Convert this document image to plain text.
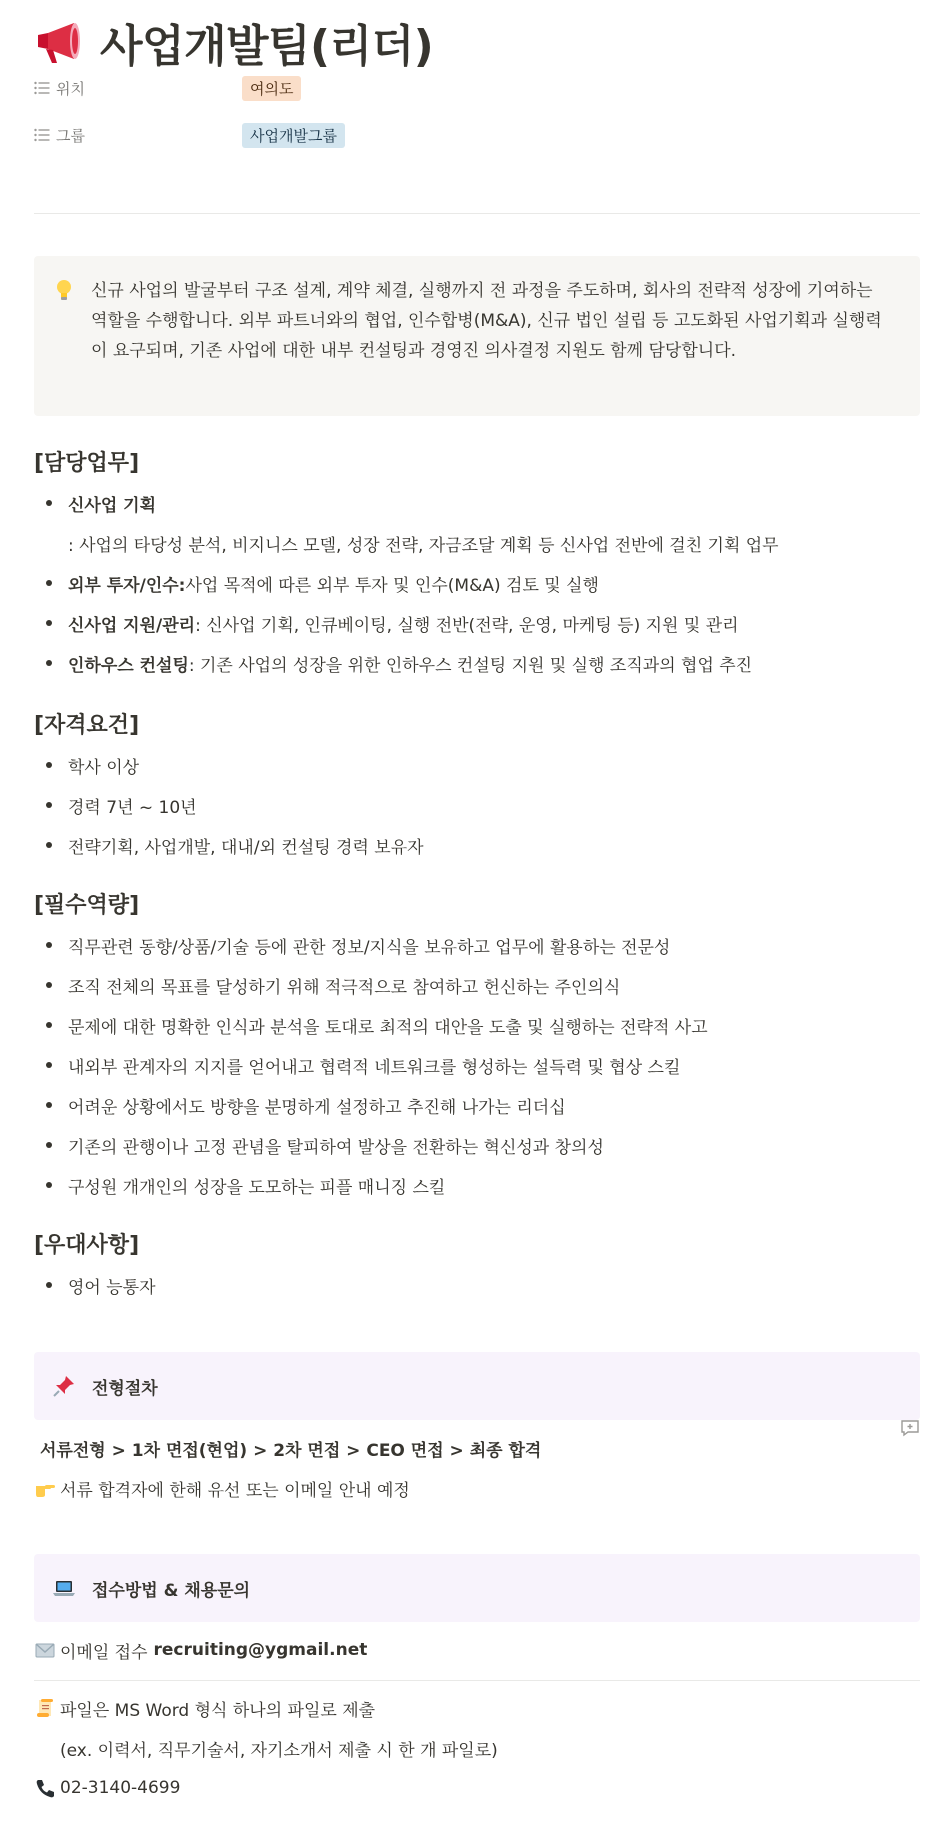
사업개발팀(리더)
위치	여의도
그룹	사업개발그룹
신규 사업의 발굴부터 구조 설계, 계약 체결, 실행까지 전 과정을 주도하며, 회사의 전략적 성장에 기여하는 역할을 수행합니다. 외부 파트너와의 협업, 인수합병(M&A), 신규 법인 설립 등 고도화된 사업기획과 실행력이 요구되며, 기존 사업에 대한 내부 컨설팅과 경영진 의사결정 지원도 함께 담당합니다.
[담당업무]
신사업 기획
: 사업의 타당성 분석, 비지니스 모델, 성장 전략, 자금조달 계획 등 신사업 전반에 걸친 기획 업무
외부 투자/인수: 사업 목적에 따른 외부 투자 및 인수(M&A) 검토 및 실행
신사업 지원/관리 : 신사업 기획, 인큐베이팅, 실행 전반(전략, 운영, 마케팅 등) 지원 및 관리
인하우스 컨설팅 : 기존 사업의 성장을 위한 인하우스 컨설팅 지원 및 실행 조직과의 협업 추진
[자격요건]
학사 이상
경력 7년 ~ 10년
전략기획, 사업개발, 대내/외 컨설팅 경력 보유자
[필수역량]
직무관련 동향/상품/기술 등에 관한 정보/지식을 보유하고 업무에 활용하는 전문성
조직 전체의 목표를 달성하기 위해 적극적으로 참여하고 헌신하는 주인의식
문제에 대한 명확한 인식과 분석을 토대로 최적의 대안을 도출 및 실행하는 전략적 사고
내외부 관계자의 지지를 얻어내고 협력적 네트워크를 형성하는 설득력 및 협상 스킬
어려운 상황에서도 방향을 분명하게 설정하고 추진해 나가는 리더십
기존의 관행이나 고정 관념을 탈피하여 발상을 전환하는 혁신성과 창의성
구성원 개개인의 성장을 도모하는 피플 매니징 스킬
[우대사항]
영어 능통자
전형절차
서류전형 > 1차 면접(현업) > 2차 면접 > CEO 면접 > 최종 합격
서류 합격자에 한해 유선 또는 이메일 안내 예정
접수방법 & 채용문의
이메일 접수 recruiting@ygmail.net
파일은 MS Word 형식 하나의 파일로 제출
(ex. 이력서, 직무기술서, 자기소개서 제출 시 한 개 파일로)
02-3140-4699
